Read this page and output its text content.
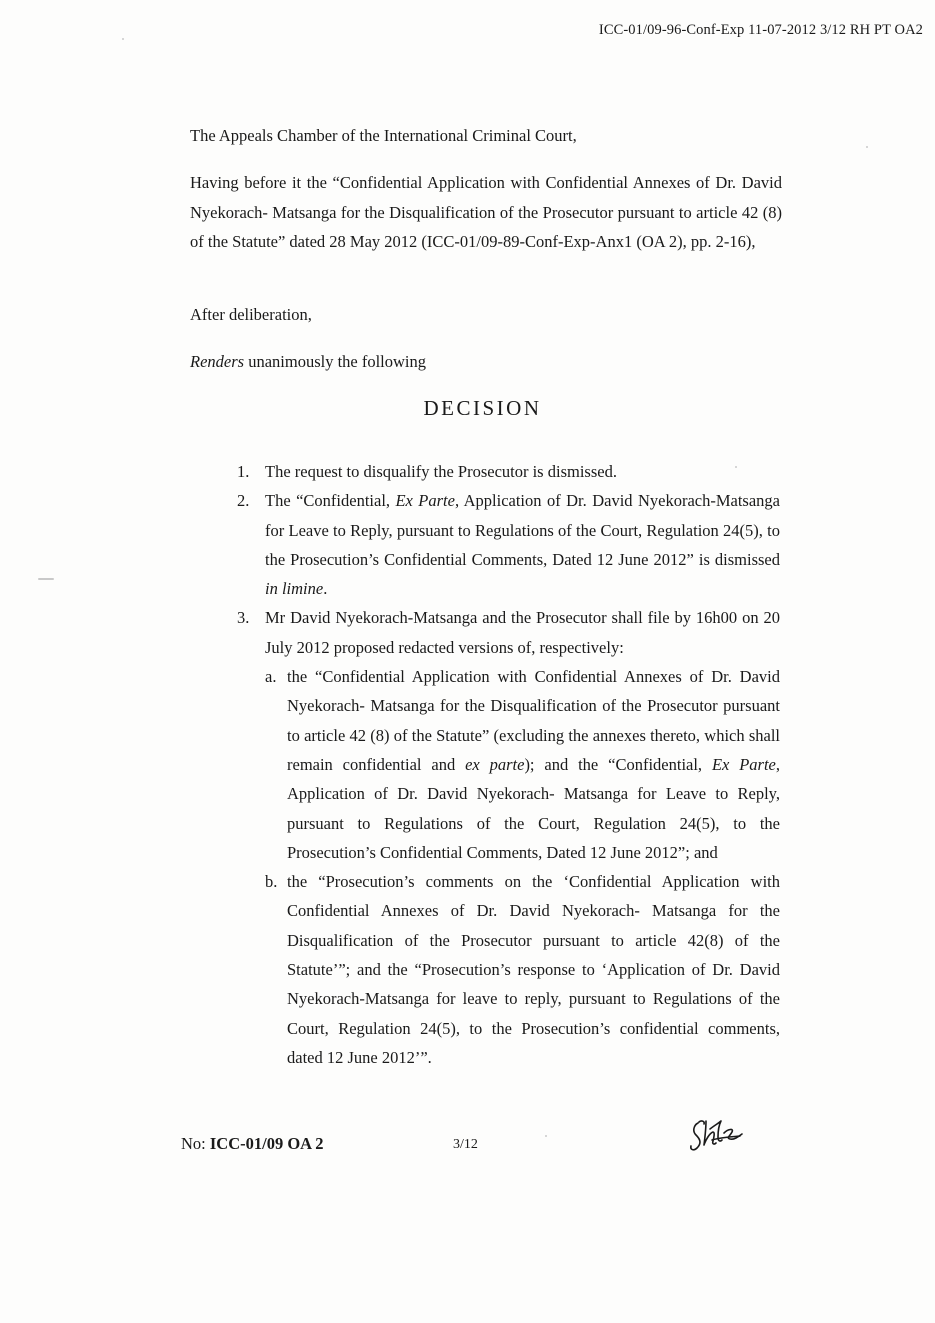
ICC-01/09-96-Conf-Exp 11-07-2012 3/12 RH PT OA2

The Appeals Chamber of the International Criminal Court,

Having before it the “Confidential Application with Confidential Annexes of Dr. David Nyekorach- Matsanga for the Disqualification of the Prosecutor pursuant to article 42 (8) of the Statute” dated 28 May 2012 (ICC-01/09-89-Conf-Exp-Anx1 (OA 2), pp. 2-16),

After deliberation,

Renders unanimously the following

DECISION
1. The request to disqualify the Prosecutor is dismissed.
2. The “Confidential, Ex Parte, Application of Dr. David Nyekorach-Matsanga for Leave to Reply, pursuant to Regulations of the Court, Regulation 24(5), to the Prosecution’s Confidential Comments, Dated 12 June 2012” is dismissed in limine.
3. Mr David Nyekorach-Matsanga and the Prosecutor shall file by 16h00 on 20 July 2012 proposed redacted versions of, respectively:
a. the “Confidential Application with Confidential Annexes of Dr. David Nyekorach- Matsanga for the Disqualification of the Prosecutor pursuant to article 42 (8) of the Statute” (excluding the annexes thereto, which shall remain confidential and ex parte); and the “Confidential, Ex Parte, Application of Dr. David Nyekorach- Matsanga for Leave to Reply, pursuant to Regulations of the Court, Regulation 24(5), to the Prosecution’s Confidential Comments, Dated 12 June 2012”; and
b. the “Prosecution’s comments on the ‘Confidential Application with Confidential Annexes of Dr. David Nyekorach- Matsanga for the Disqualification of the Prosecutor pursuant to article 42(8) of the Statute’”; and the “Prosecution’s response to ‘Application of Dr. David Nyekorach-Matsanga for leave to reply, pursuant to Regulations of the Court, Regulation 24(5), to the Prosecution’s confidential comments, dated 12 June 2012’”.
No: ICC-01/09 OA 2	3/12
